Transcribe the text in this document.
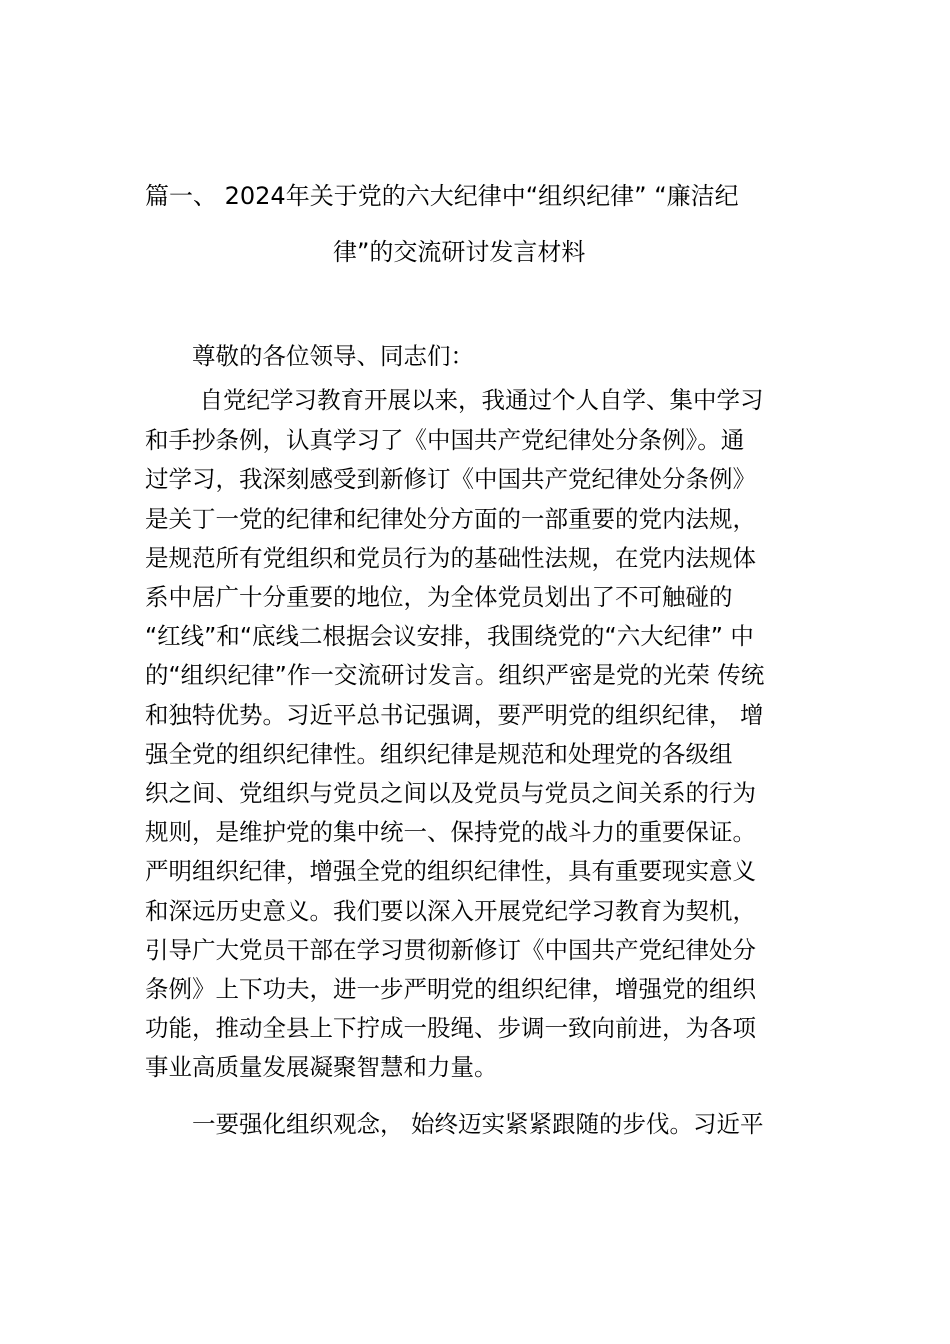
篇一、 2024年关于党的六大纪律中“组织纪律” “廉洁纪
律”的交流研讨发言材料
　　尊敬的各位领导、同志们：
　　 自党纪学习教育开展以来，我通过个人自学、集中学习
和手抄条例，认真学习了《中国共产党纪律处分条例》。通
过学习，我深刻感受到新修订《中国共产党纪律处分条例》
是关丁一党的纪律和纪律处分方面的一部重要的党内法规，
是规范所有党组织和党员行为的基础性法规，在党内法规体
系中居广十分重要的地位，为全体党员划出了不可触碰的
“红线”和“底线二根据会议安排，我围绕党的“六大纪律” 中
的“组织纪律”作一交流研讨发言。组织严密是党的光荣 传统
和独特优势。习近平总书记强调，要严明党的组织纪律， 增
强全党的组织纪律性。组织纪律是规范和处理党的各级组
织之间、党组织与党员之间以及党员与党员之间关系的行为
规则，是维护党的集中统一、保持党的战斗力的重要保证。
严明组织纪律，增强全党的组织纪律性，具有重要现实意义
和深远历史意义。我们要以深入开展党纪学习教育为契机，
引导广大党员干部在学习贯彻新修订《中国共产党纪律处分
条例》上下功夫，进一步严明党的组织纪律，增强党的组织
功能，推动全县上下拧成一股绳、步调一致向前进，为各项
事业高质量发展凝聚智慧和力量。
　　一要强化组织观念， 始终迈实紧紧跟随的步伐。习近平
